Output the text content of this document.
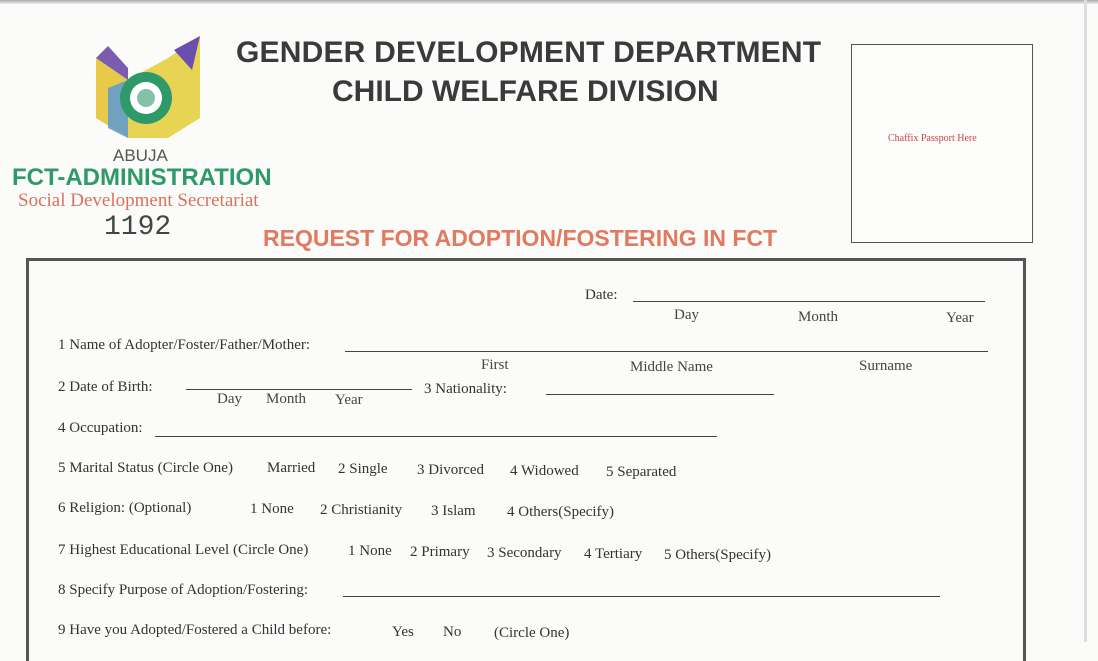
ABUJA
FCT-ADMINISTRATION
Social Development Secretariat
1192
GENDER DEVELOPMENT DEPARTMENT
CHILD WELFARE DIVISION
REQUEST FOR ADOPTION/FOSTERING IN FCT
Chaffix Passport Here
Date:
Day	Month	Year
1 Name of Adopter/Foster/Father/Mother:
First	Middle Name	Surname
2 Date of Birth:
Day Month Year
3 Nationality:
4 Occupation:
5 Marital Status (Circle One) Married 2 Single 3 Divorced 4 Widowed 5 Separated
6 Religion: (Optional)	1 None 2 Christianity 3 Islam 4 Others(Specify)
7 Highest Educational Level (Circle One)	1 None 2 Primary 3 Secondary 4 Tertiary 5 Others(Specify)
8 Specify Purpose of Adoption/Fostering:
9 Have you Adopted/Fostered a Child before:	Yes No (Circle One)
